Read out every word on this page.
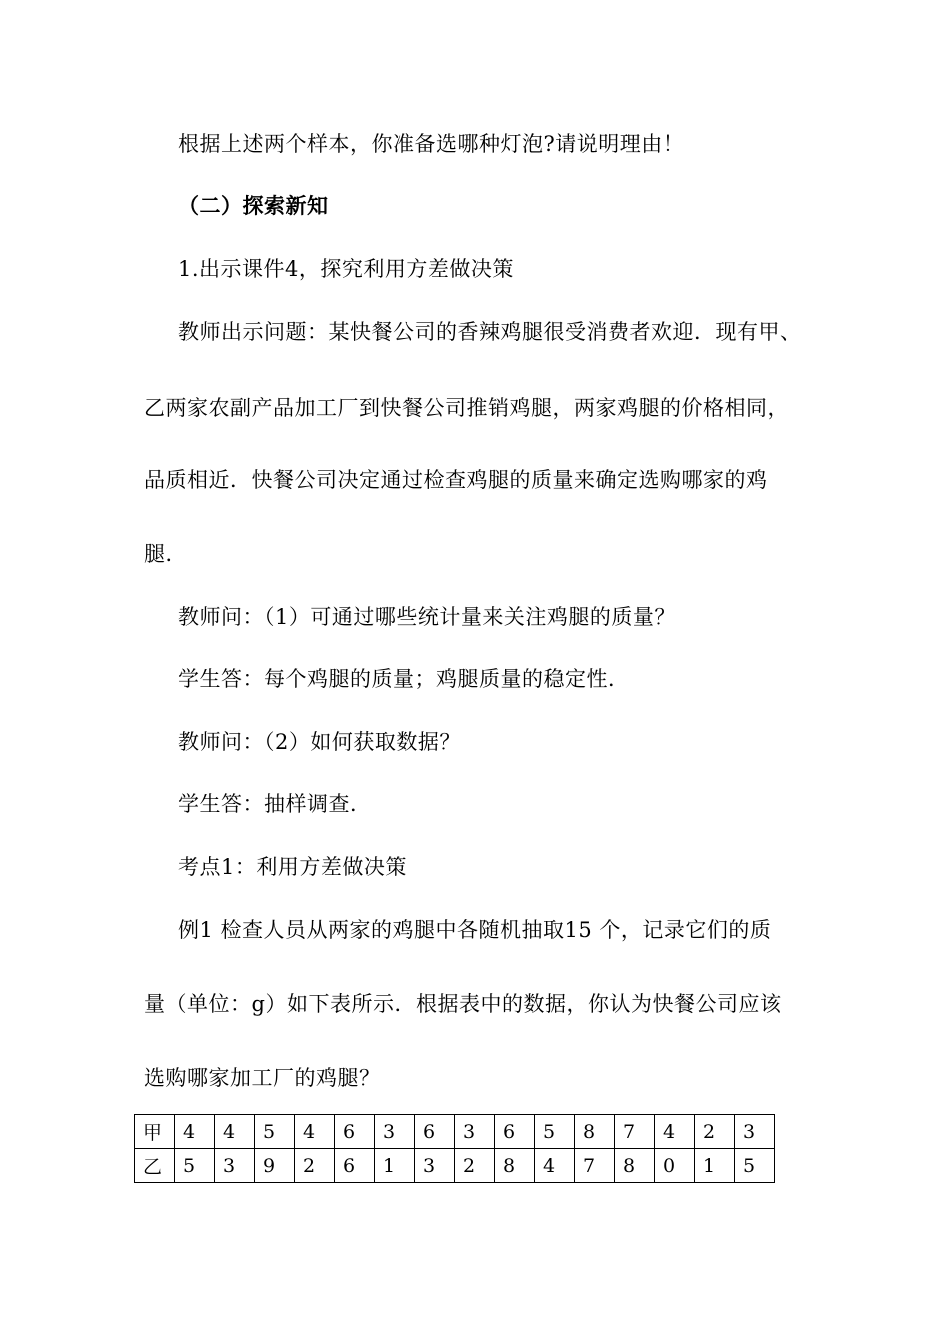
根据上述两个样本，你准备选哪种灯泡?请说明理由！
（二）探索新知
1.出示课件4，探究利用方差做决策
教师出示问题：某快餐公司的香辣鸡腿很受消费者欢迎．现有甲、
乙两家农副产品加工厂到快餐公司推销鸡腿，两家鸡腿的价格相同，
品质相近．快餐公司决定通过检查鸡腿的质量来确定选购哪家的鸡
腿．
教师问：（1）可通过哪些统计量来关注鸡腿的质量？
学生答：每个鸡腿的质量；鸡腿质量的稳定性．
教师问：（2）如何获取数据？
学生答：抽样调查．
考点1：利用方差做决策
例1 检查人员从两家的鸡腿中各随机抽取15 个，记录它们的质
量（单位：g）如下表所示．根据表中的数据，你认为快餐公司应该
选购哪家加工厂的鸡腿？
甲	4	4	5	4	6	3	6	3	6	5	8	7	4	2	3
乙	5	3	9	2	6	1	3	2	8	4	7	8	0	1	5
